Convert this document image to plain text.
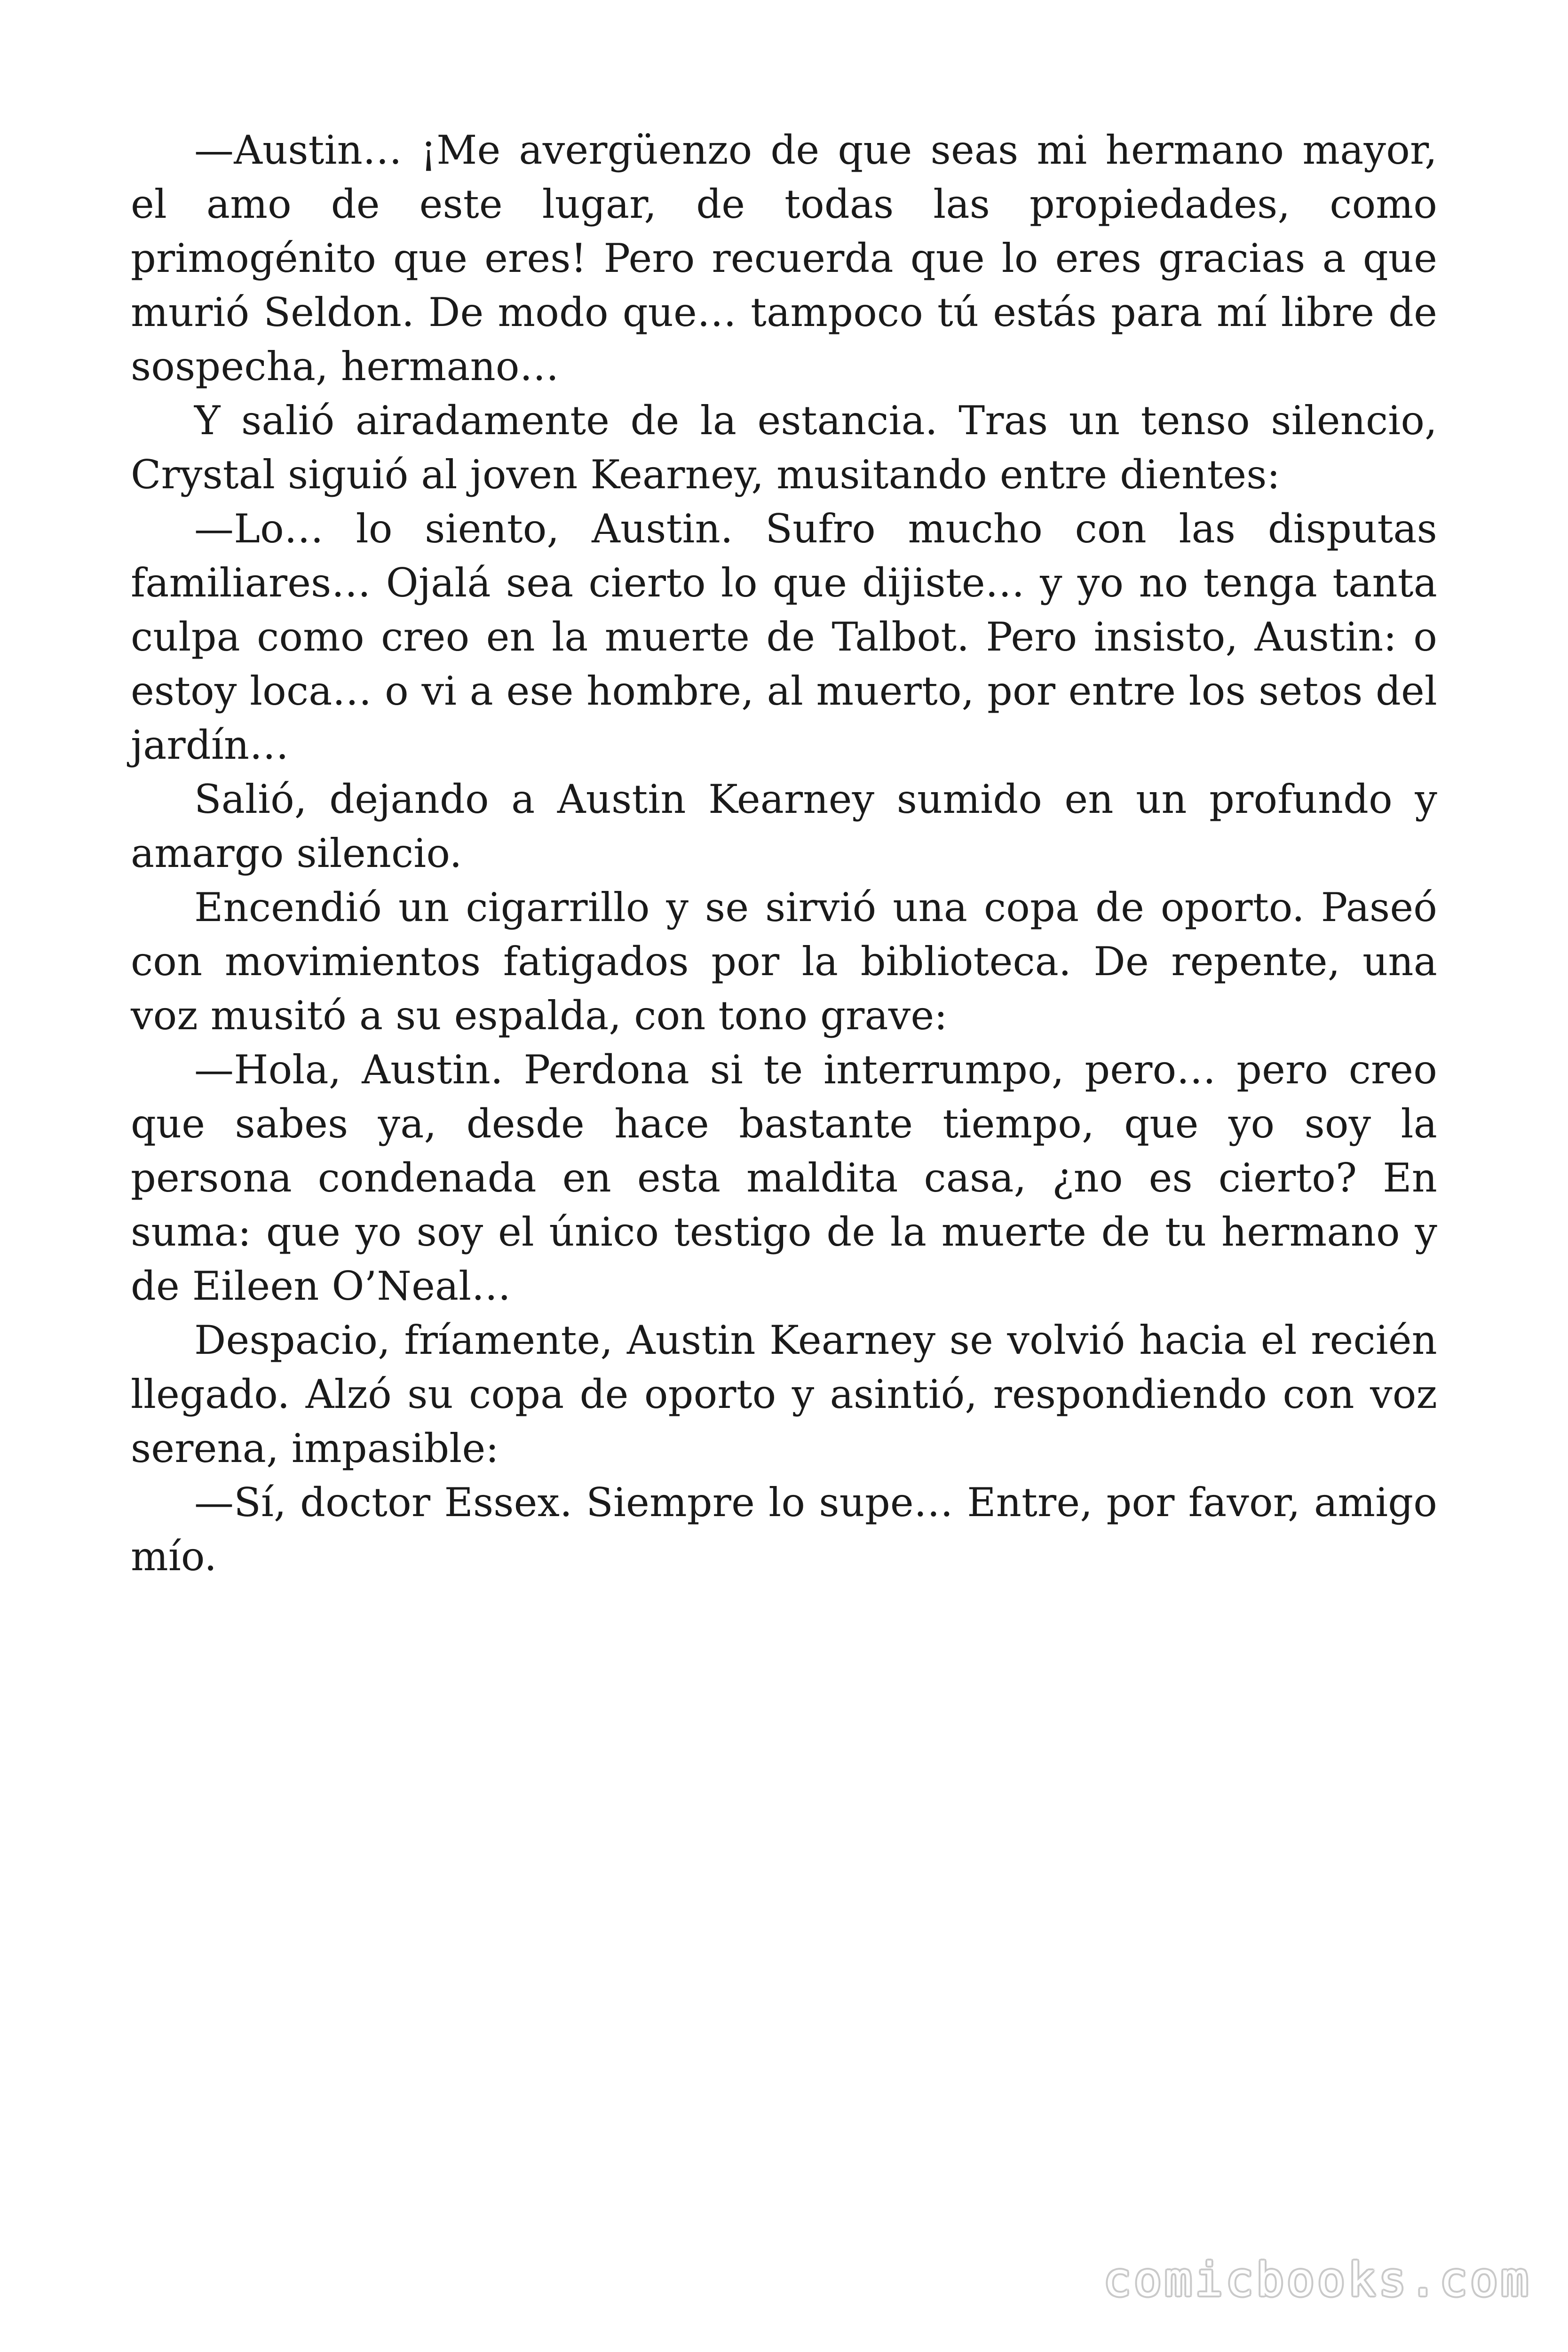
—Austin… ¡Me avergüenzo de que seas mi hermano mayor, el amo de este lugar, de todas las propiedades, como primogénito que eres! Pero recuerda que lo eres gracias a que murió Seldon. De modo que… tampoco tú estás para mí libre de sospecha, hermano…

Y salió airadamente de la estancia. Tras un tenso silencio, Crystal siguió al joven Kearney, musitando entre dientes:

—Lo… lo siento, Austin. Sufro mucho con las disputas familiares… Ojalá sea cierto lo que dijiste… y yo no tenga tanta culpa como creo en la muerte de Talbot. Pero insisto, Austin: o estoy loca… o vi a ese hombre, al muerto, por entre los setos del jardín…

Salió, dejando a Austin Kearney sumido en un profundo y amargo silencio.

Encendió un cigarrillo y se sirvió una copa de oporto. Paseó con movimientos fatigados por la biblioteca. De repente, una voz musitó a su espalda, con tono grave:

—Hola, Austin. Perdona si te interrumpo, pero… pero creo que sabes ya, desde hace bastante tiempo, que yo soy la persona condenada en esta maldita casa, ¿no es cierto? En suma: que yo soy el único testigo de la muerte de tu hermano y de Eileen O’Neal…

Despacio, fríamente, Austin Kearney se volvió hacia el recién llegado. Alzó su copa de oporto y asintió, respondiendo con voz serena, impasible:

—Sí, doctor Essex. Siempre lo supe… Entre, por favor, amigo mío.

comicbooks.com
